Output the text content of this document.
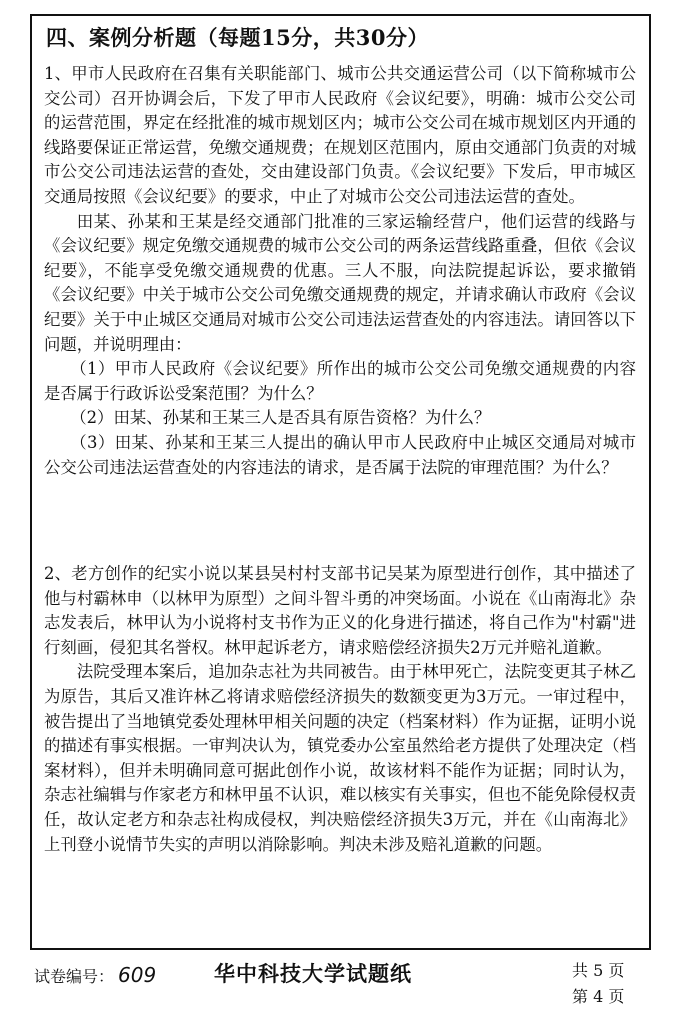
四、案例分析题（每题15分，共30分）

1、甲市人民政府在召集有关职能部门、城市公共交通运营公司（以下简称城市公交公司）召开协调会后，下发了甲市人民政府《会议纪要》，明确：城市公交公司的运营范围，界定在经批准的城市规划区内；城市公交公司在城市规划区内开通的线路要保证正常运营，免缴交通规费；在规划区范围内，原由交通部门负责的对城市公交公司违法运营的查处，交由建设部门负责。《会议纪要》下发后，甲市城区交通局按照《会议纪要》的要求，中止了对城市公交公司违法运营的查处。

田某、孙某和王某是经交通部门批准的三家运输经营户，他们运营的线路与《会议纪要》规定免缴交通规费的城市公交公司的两条运营线路重叠，但依《会议纪要》，不能享受免缴交通规费的优惠。三人不服，向法院提起诉讼，要求撤销《会议纪要》中关于城市公交公司免缴交通规费的规定，并请求确认市政府《会议纪要》关于中止城区交通局对城市公交公司违法运营查处的内容违法。请回答以下问题，并说明理由：

（1）甲市人民政府《会议纪要》所作出的城市公交公司免缴交通规费的内容是否属于行政诉讼受案范围？为什么？

（2）田某、孙某和王某三人是否具有原告资格？为什么？

（3）田某、孙某和王某三人提出的确认甲市人民政府中止城区交通局对城市公交公司违法运营查处的内容违法的请求，是否属于法院的审理范围？为什么？

2、老方创作的纪实小说以某县吴村村支部书记吴某为原型进行创作，其中描述了他与村霸林申（以林甲为原型）之间斗智斗勇的冲突场面。小说在《山南海北》杂志发表后，林甲认为小说将村支书作为正义的化身进行描述，将自己作为"村霸"进行刻画，侵犯其名誉权。林甲起诉老方，请求赔偿经济损失2万元并赔礼道歉。

法院受理本案后，追加杂志社为共同被告。由于林甲死亡，法院变更其子林乙为原告，其后又准许林乙将请求赔偿经济损失的数额变更为3万元。一审过程中，被告提出了当地镇党委处理林甲相关问题的决定（档案材料）作为证据，证明小说的描述有事实根据。一审判决认为，镇党委办公室虽然给老方提供了处理决定（档案材料），但并未明确同意可据此创作小说，故该材料不能作为证据；同时认为，杂志社编辑与作家老方和林甲虽不认识，难以核实有关事实，但也不能免除侵权责任，故认定老方和杂志社构成侵权，判决赔偿经济损失3万元，并在《山南海北》上刊登小说情节失实的声明以消除影响。判决未涉及赔礼道歉的问题。

试卷编号： 609	华中科技大学试题纸	共 5 页
第 4 页
